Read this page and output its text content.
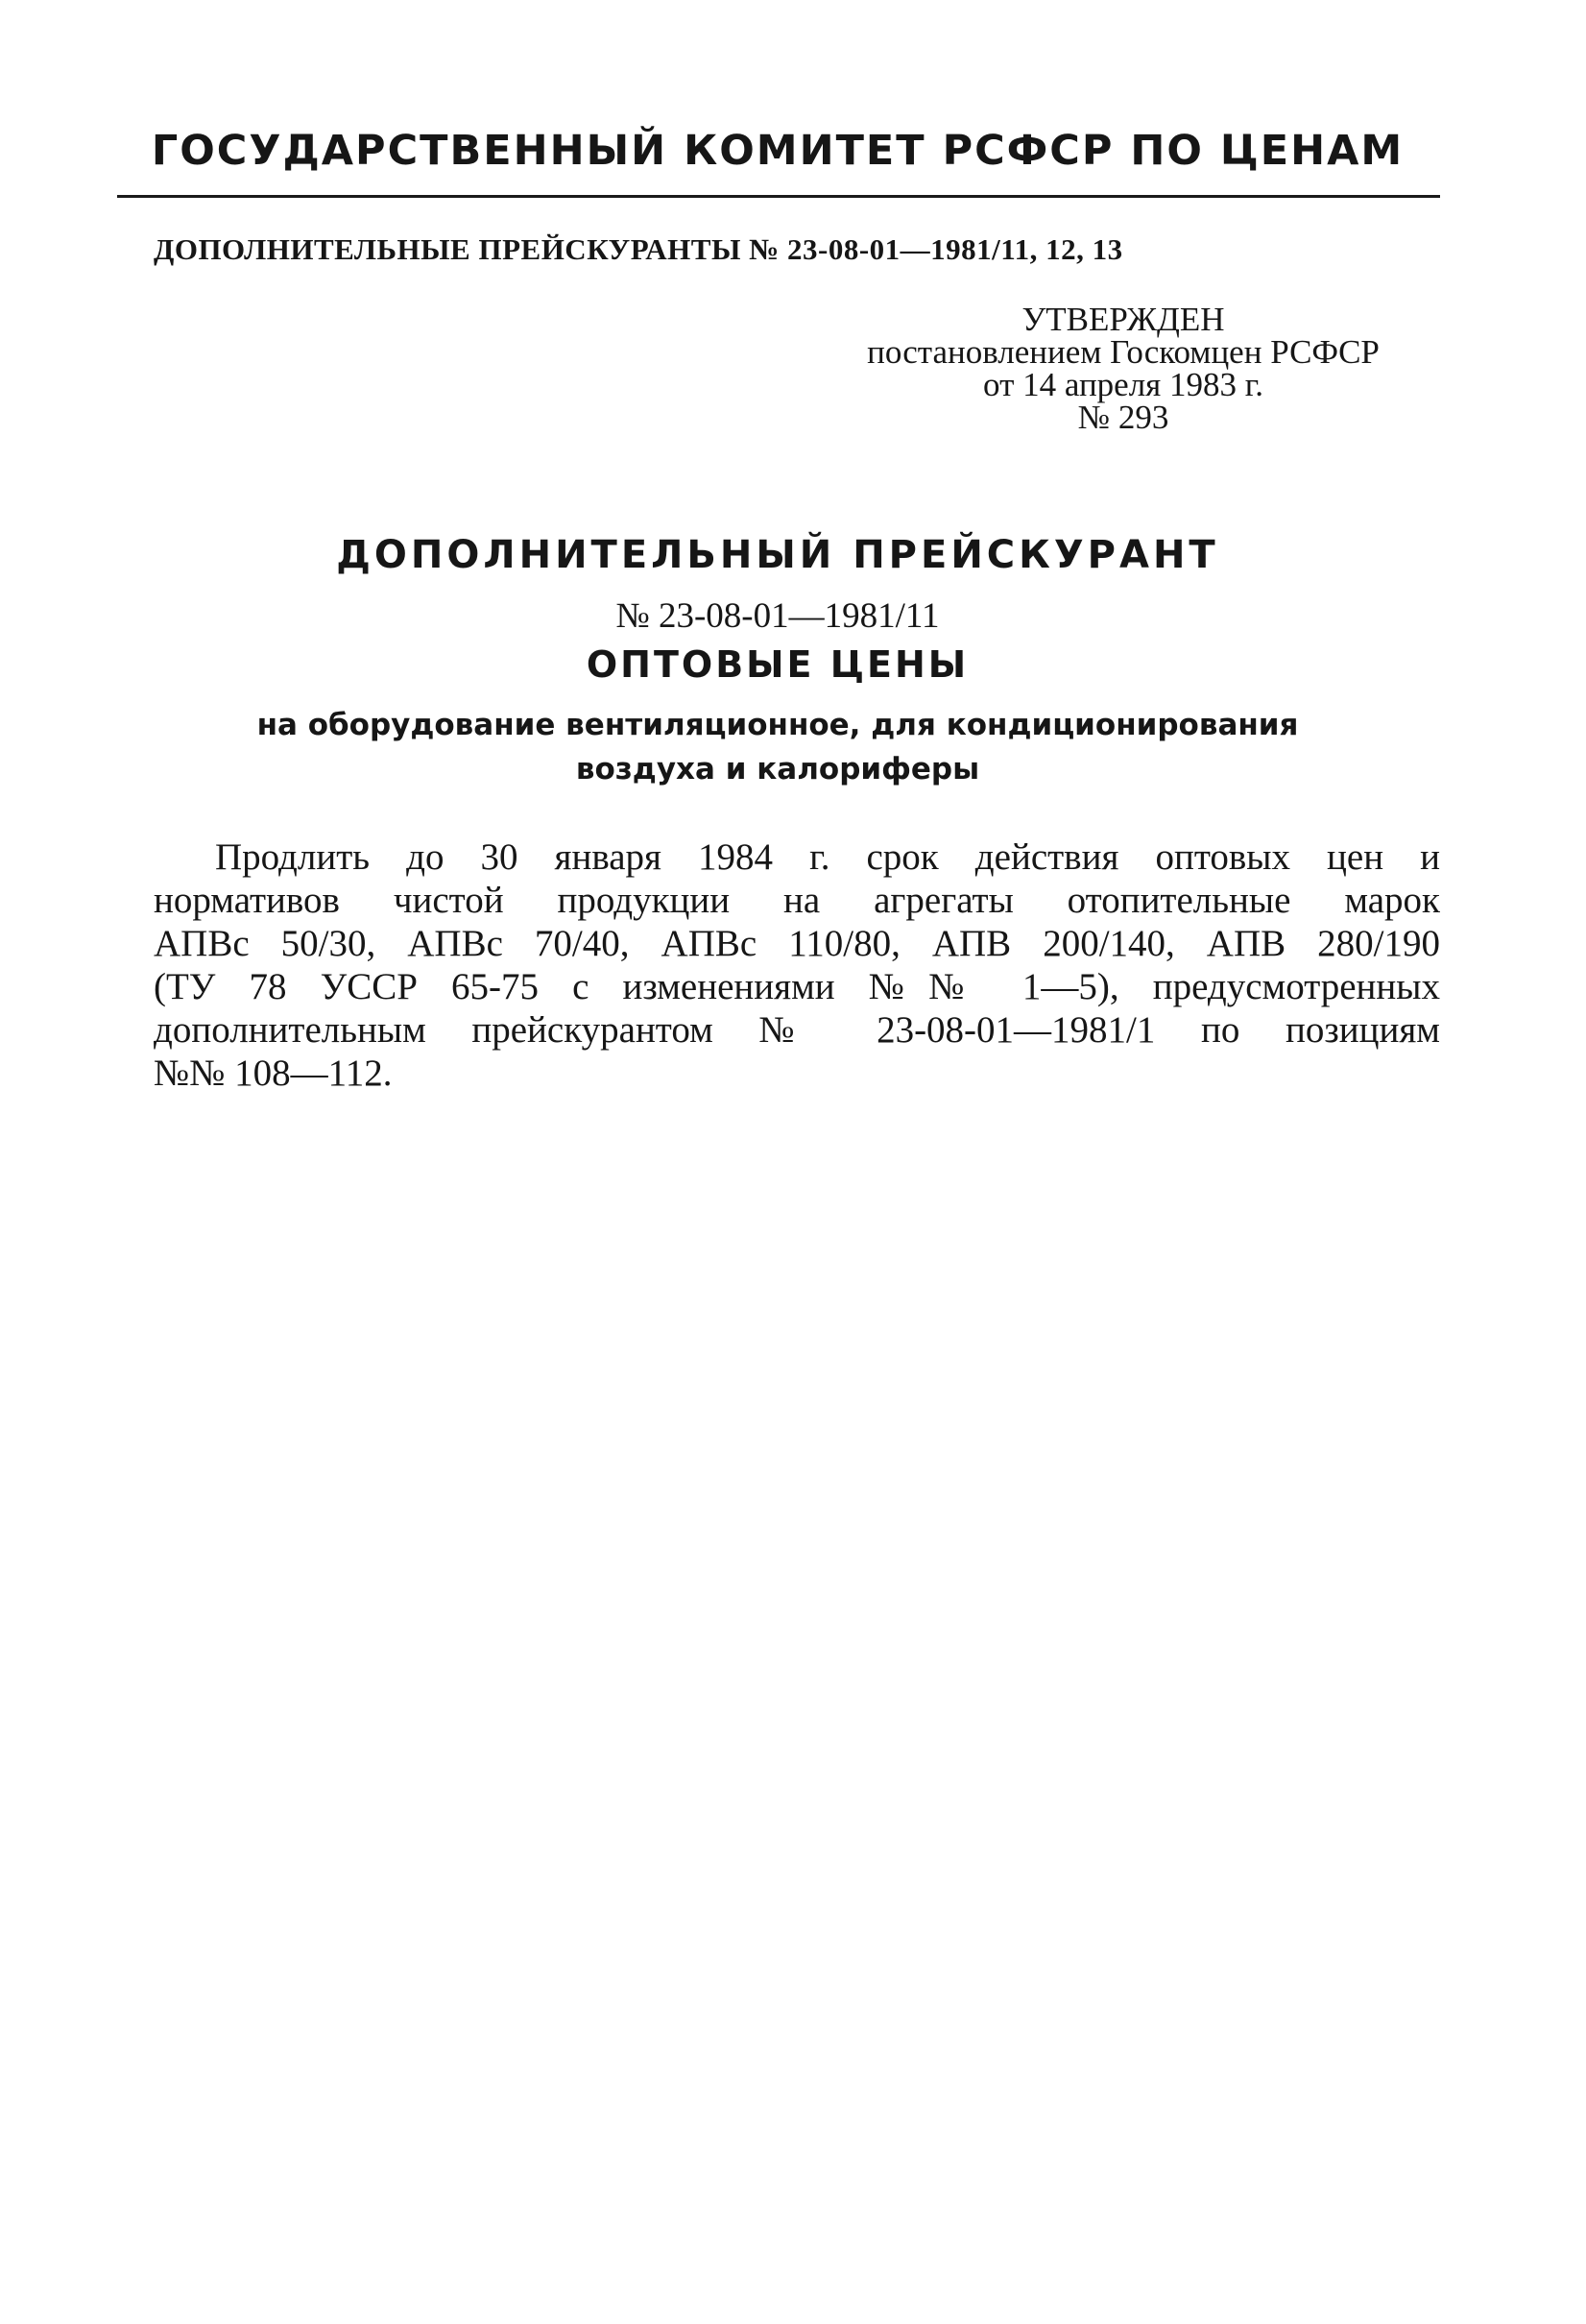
ГОСУДАРСТВЕННЫЙ КОМИТЕТ РСФСР ПО ЦЕНАМ
ДОПОЛНИТЕЛЬНЫЕ ПРЕЙСКУРАНТЫ № 23-08-01—1981/11, 12, 13
УТВЕРЖДЕН
постановлением Госкомцен РСФСР
от 14 апреля 1983 г.
№ 293
ДОПОЛНИТЕЛЬНЫЙ ПРЕЙСКУРАНТ
№ 23-08-01—1981/11
ОПТОВЫЕ ЦЕНЫ
на оборудование вентиляционное, для кондиционирования
воздуха и калориферы
Продлить до 30 января 1984 г. срок действия оптовых цен и
нормативов чистой продукции на агрегаты отопительные марок
АПВс 50/30, АПВс 70/40, АПВс 110/80, АПВ 200/140, АПВ 280/190
(ТУ 78 УССР 65-75 с изменениями №№ 1—5), предусмотренных
дополнительным прейскурантом № 23-08-01—1981/1 по позициям
№№ 108—112.
